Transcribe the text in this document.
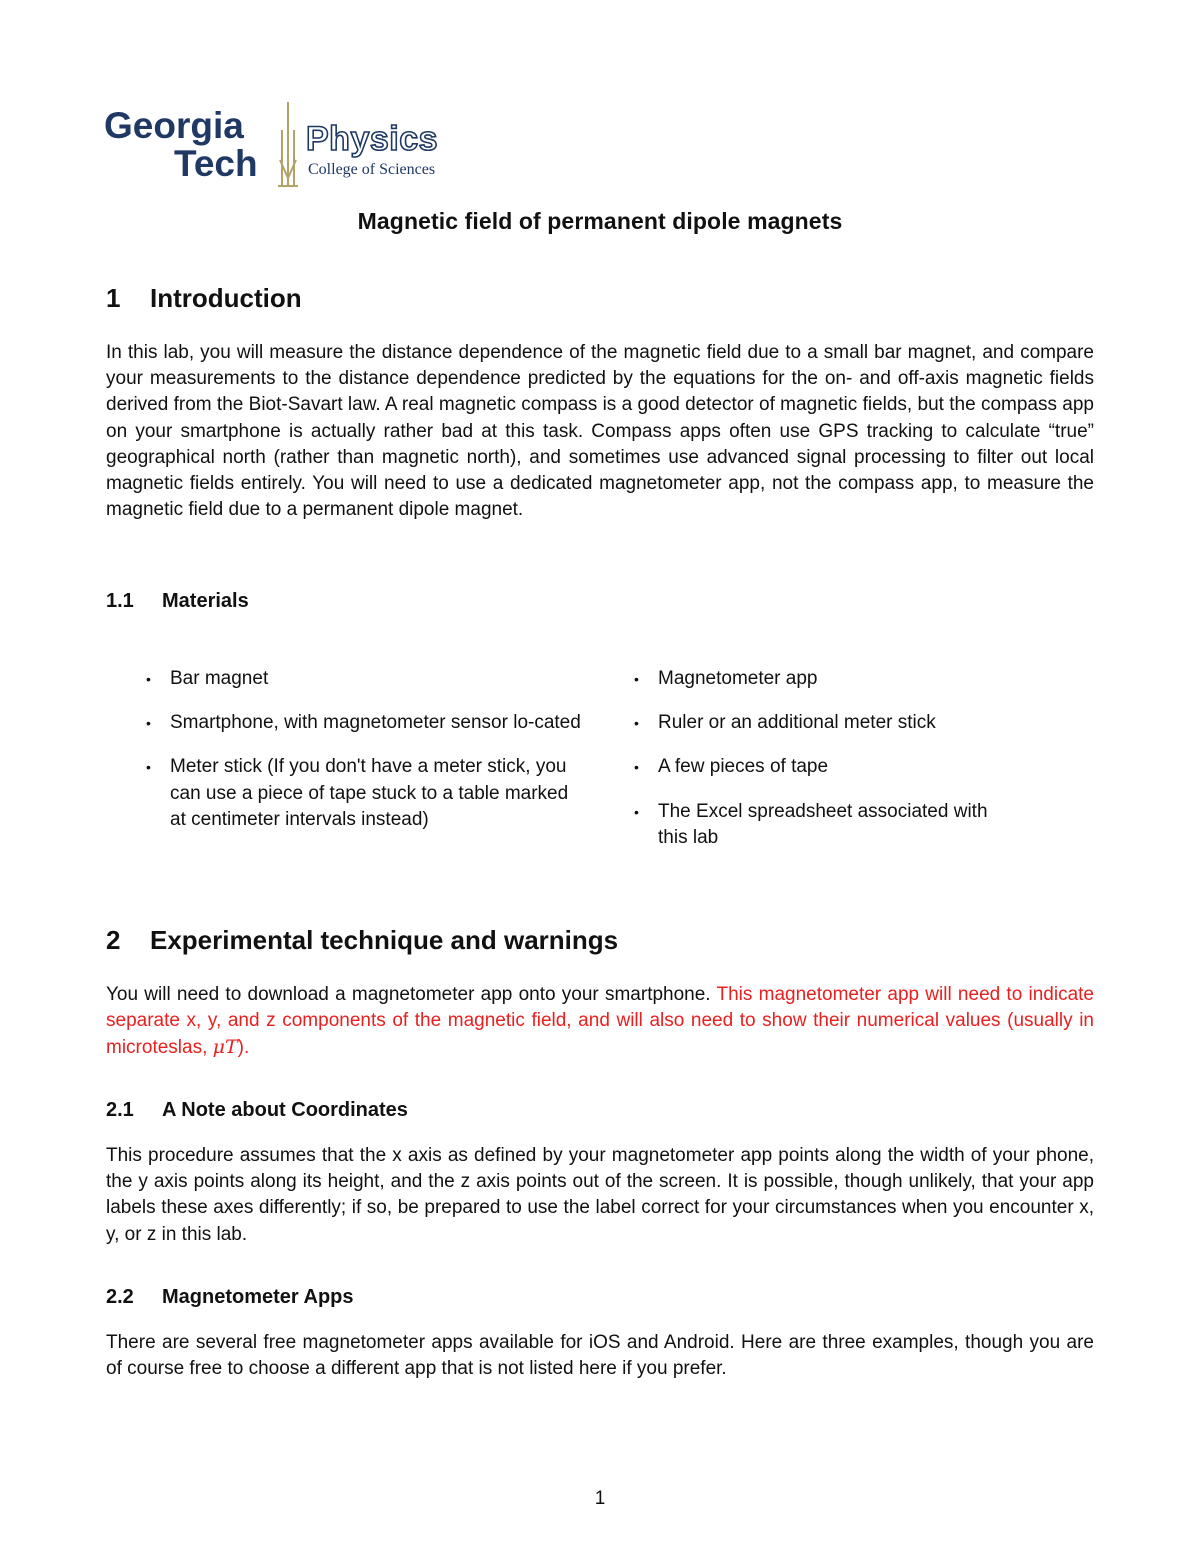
Georgia
Tech
Physics
College of Sciences
Magnetic field of permanent dipole magnets
1 Introduction

In this lab, you will measure the distance dependence of the magnetic field due to a small bar magnet, and compare your measurements to the distance dependence predicted by the equations for the on- and off-axis magnetic fields derived from the Biot-Savart law. A real magnetic compass is a good detector of magnetic fields, but the compass app on your smartphone is actually rather bad at this task. Compass apps often use GPS tracking to calculate “true” geographical north (rather than magnetic north), and sometimes use advanced signal processing to filter out local magnetic fields entirely. You will need to use a dedicated magnetometer app, not the compass app, to measure the magnetic field due to a permanent dipole magnet.

1.1 Materials
• Bar magnet
• Smartphone, with magnetometer sensor lo-cated
• Meter stick (If you don't have a meter stick, you can use a piece of tape stuck to a table marked at centimeter intervals instead)
• Magnetometer app
• Ruler or an additional meter stick
• A few pieces of tape
• The Excel spreadsheet associated with this lab
2 Experimental technique and warnings

You will need to download a magnetometer app onto your smartphone. This magnetometer app will need to indicate separate x, y, and z components of the magnetic field, and will also need to show their numerical values (usually in microteslas, μT).

2.1 A Note about Coordinates

This procedure assumes that the x axis as defined by your magnetometer app points along the width of your phone, the y axis points along its height, and the z axis points out of the screen. It is possible, though unlikely, that your app labels these axes differently; if so, be prepared to use the label correct for your circumstances when you encounter x, y, or z in this lab.

2.2 Magnetometer Apps

There are several free magnetometer apps available for iOS and Android. Here are three examples, though you are of course free to choose a different app that is not listed here if you prefer.

1
